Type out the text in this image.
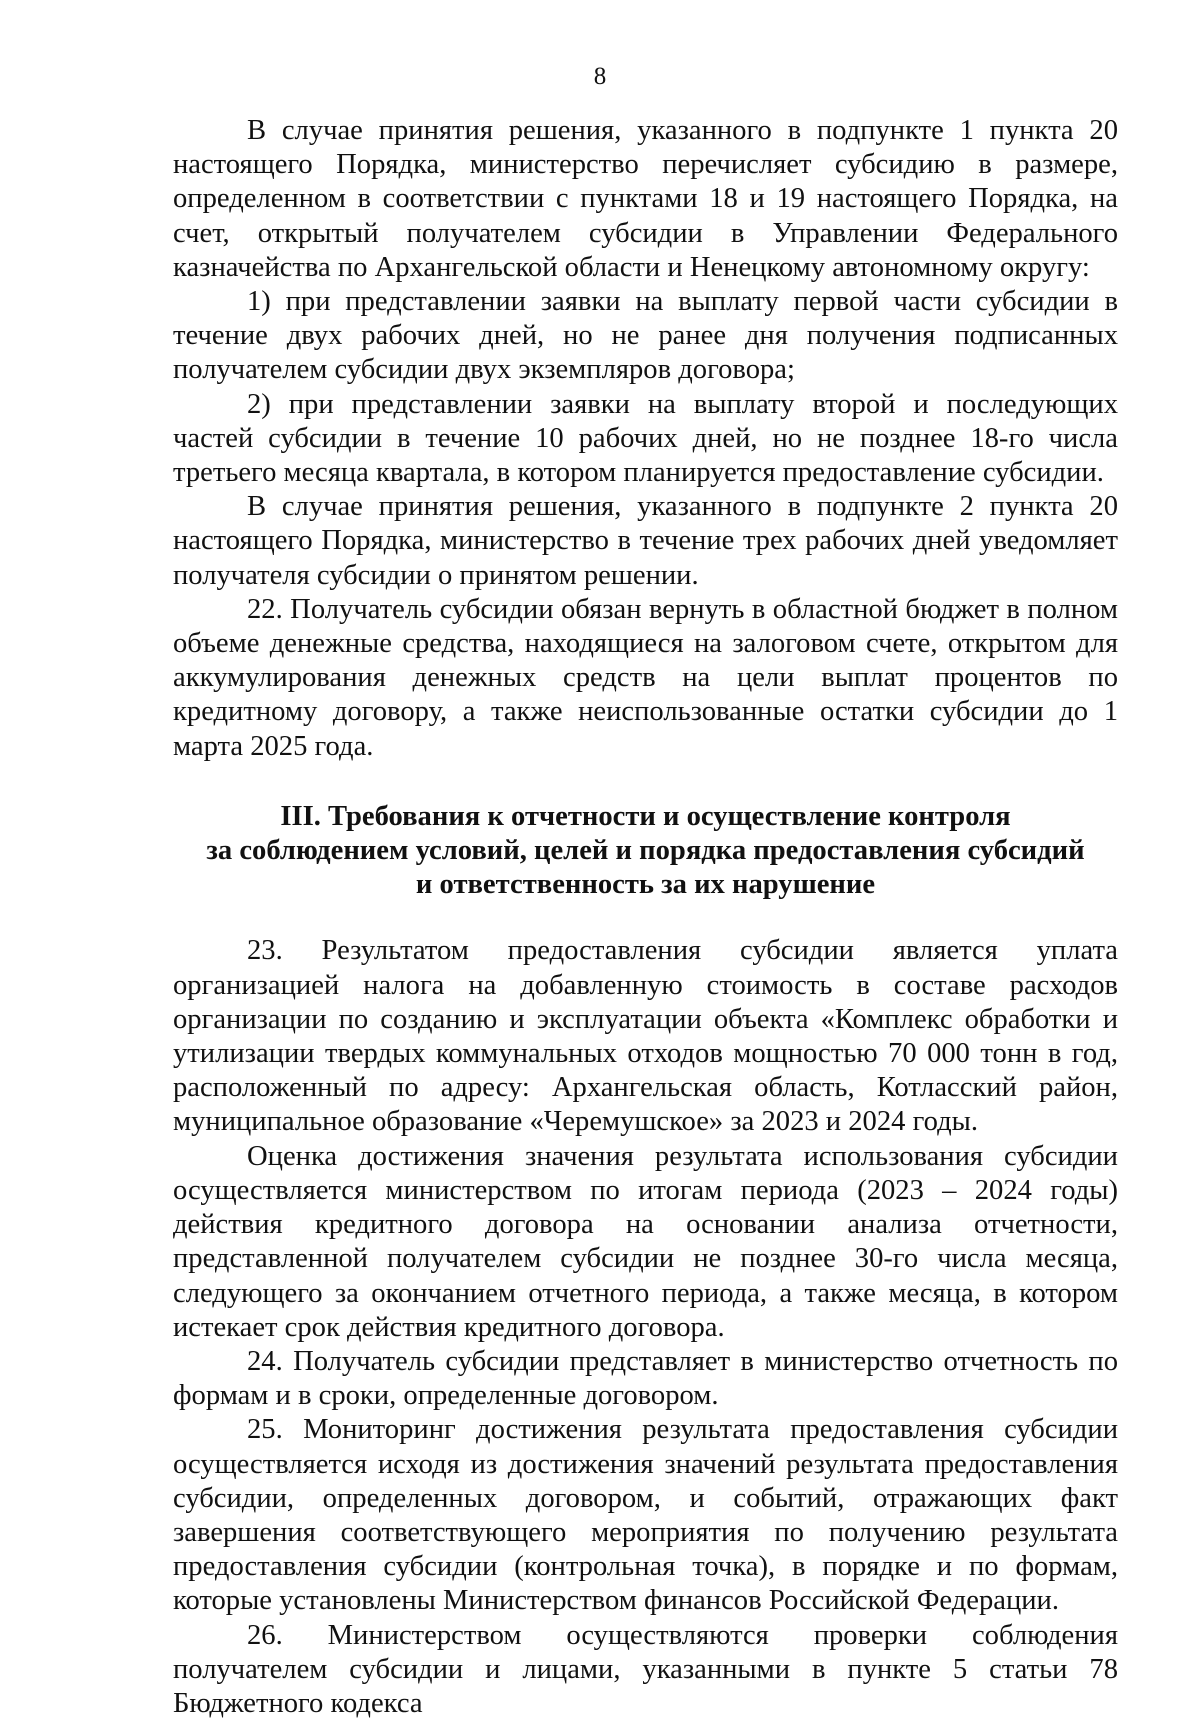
8

В случае принятия решения, указанного в подпункте 1 пункта 20 настоящего Порядка, министерство перечисляет субсидию в размере, определенном в соответствии с пунктами 18 и 19 настоящего Порядка, на счет, открытый получателем субсидии в Управлении Федерального казначейства по Архангельской области и Ненецкому автономному округу:

1) при представлении заявки на выплату первой части субсидии в течение двух рабочих дней, но не ранее дня получения подписанных получателем субсидии двух экземпляров договора;

2) при представлении заявки на выплату второй и последующих частей субсидии в течение 10 рабочих дней, но не позднее 18-го числа третьего месяца квартала, в котором планируется предоставление субсидии.

В случае принятия решения, указанного в подпункте 2 пункта 20 настоящего Порядка, министерство в течение трех рабочих дней уведомляет получателя субсидии о принятом решении.

22. Получатель субсидии обязан вернуть в областной бюджет в полном объеме денежные средства, находящиеся на залоговом счете, открытом для аккумулирования денежных средств на цели выплат процентов по кредитному договору, а также неиспользованные остатки субсидии до 1 марта 2025 года.

III. Требования к отчетности и осуществление контроля
за соблюдением условий, целей и порядка предоставления субсидий
и ответственность за их нарушение

23. Результатом предоставления субсидии является уплата организацией налога на добавленную стоимость в составе расходов организации по созданию и эксплуатации объекта «Комплекс обработки и утилизации твердых коммунальных отходов мощностью 70 000 тонн в год, расположенный по адресу: Архангельская область, Котласский район, муниципальное образование «Черемушское» за 2023 и 2024 годы.

Оценка достижения значения результата использования субсидии осуществляется министерством по итогам периода (2023 – 2024 годы) действия кредитного договора на основании анализа отчетности, представленной получателем субсидии не позднее 30-го числа месяца, следующего за окончанием отчетного периода, а также месяца, в котором истекает срок действия кредитного договора.

24. Получатель субсидии представляет в министерство отчетность по формам и в сроки, определенные договором.

25. Мониторинг достижения результата предоставления субсидии осуществляется исходя из достижения значений результата предоставления субсидии, определенных договором, и событий, отражающих факт завершения соответствующего мероприятия по получению результата предоставления субсидии (контрольная точка), в порядке и по формам, которые установлены Министерством финансов Российской Федерации.

26. Министерством осуществляются проверки соблюдения получателем субсидии и лицами, указанными в пункте 5 статьи 78 Бюджетного кодекса
